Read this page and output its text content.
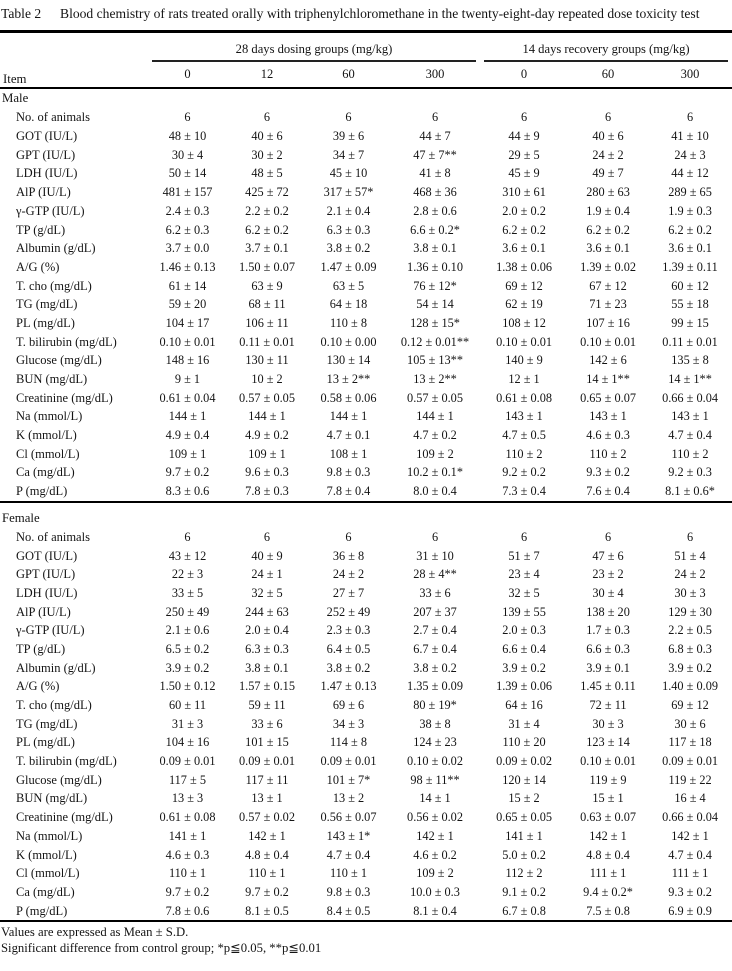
Table 2	Blood chemistry of rats treated orally with triphenylchloromethane in the twenty-eight-day repeated dose toxicity test
Item	28 days dosing groups (mg/kg)				14 days recovery groups (mg/kg)		

	0	12	60	300	0	60	300
Male							
No. of animals	6	6	6	6	6	6	6
GOT (IU/L)	48 ± 10	40 ± 6	39 ± 6	44 ± 7	44 ± 9	40 ± 6	41 ± 10
GPT (IU/L)	30 ± 4	30 ± 2	34 ± 7	47 ± 7**	29 ± 5	24 ± 2	24 ± 3
LDH (IU/L)	50 ± 14	48 ± 5	45 ± 10	41 ± 8	45 ± 9	49 ± 7	44 ± 12
AlP (IU/L)	481 ± 157	425 ± 72	317 ± 57*	468 ± 36	310 ± 61	280 ± 63	289 ± 65
γ-GTP (IU/L)	2.4 ± 0.3	2.2 ± 0.2	2.1 ± 0.4	2.8 ± 0.6	2.0 ± 0.2	1.9 ± 0.4	1.9 ± 0.3
TP (g/dL)	6.2 ± 0.3	6.2 ± 0.2	6.3 ± 0.3	6.6 ± 0.2*	6.2 ± 0.2	6.2 ± 0.2	6.2 ± 0.2
Albumin (g/dL)	3.7 ± 0.0	3.7 ± 0.1	3.8 ± 0.2	3.8 ± 0.1	3.6 ± 0.1	3.6 ± 0.1	3.6 ± 0.1
A/G (%)	1.46 ± 0.13	1.50 ± 0.07	1.47 ± 0.09	1.36 ± 0.10	1.38 ± 0.06	1.39 ± 0.02	1.39 ± 0.11
T. cho (mg/dL)	61 ± 14	63 ± 9	63 ± 5	76 ± 12*	69 ± 12	67 ± 12	60 ± 12
TG (mg/dL)	59 ± 20	68 ± 11	64 ± 18	54 ± 14	62 ± 19	71 ± 23	55 ± 18
PL (mg/dL)	104 ± 17	106 ± 11	110 ± 8	128 ± 15*	108 ± 12	107 ± 16	99 ± 15
T. bilirubin (mg/dL)	0.10 ± 0.01	0.11 ± 0.01	0.10 ± 0.00	0.12 ± 0.01**	0.10 ± 0.01	0.10 ± 0.01	0.11 ± 0.01
Glucose (mg/dL)	148 ± 16	130 ± 11	130 ± 14	105 ± 13**	140 ± 9	142 ± 6	135 ± 8
BUN (mg/dL)	9 ± 1	10 ± 2	13 ± 2**	13 ± 2**	12 ± 1	14 ± 1**	14 ± 1**
Creatinine (mg/dL)	0.61 ± 0.04	0.57 ± 0.05	0.58 ± 0.06	0.57 ± 0.05	0.61 ± 0.08	0.65 ± 0.07	0.66 ± 0.04
Na (mmol/L)	144 ± 1	144 ± 1	144 ± 1	144 ± 1	143 ± 1	143 ± 1	143 ± 1
K (mmol/L)	4.9 ± 0.4	4.9 ± 0.2	4.7 ± 0.1	4.7 ± 0.2	4.7 ± 0.5	4.6 ± 0.3	4.7 ± 0.4
Cl (mmol/L)	109 ± 1	109 ± 1	108 ± 1	109 ± 2	110 ± 2	110 ± 2	110 ± 2
Ca (mg/dL)	9.7 ± 0.2	9.6 ± 0.3	9.8 ± 0.3	10.2 ± 0.1*	9.2 ± 0.2	9.3 ± 0.2	9.2 ± 0.3
P (mg/dL)	8.3 ± 0.6	7.8 ± 0.3	7.8 ± 0.4	8.0 ± 0.4	7.3 ± 0.4	7.6 ± 0.4	8.1 ± 0.6*
Female							
No. of animals	6	6	6	6	6	6	6
GOT (IU/L)	43 ± 12	40 ± 9	36 ± 8	31 ± 10	51 ± 7	47 ± 6	51 ± 4
GPT (IU/L)	22 ± 3	24 ± 1	24 ± 2	28 ± 4**	23 ± 4	23 ± 2	24 ± 2
LDH (IU/L)	33 ± 5	32 ± 5	27 ± 7	33 ± 6	32 ± 5	30 ± 4	30 ± 3
AlP (IU/L)	250 ± 49	244 ± 63	252 ± 49	207 ± 37	139 ± 55	138 ± 20	129 ± 30
γ-GTP (IU/L)	2.1 ± 0.6	2.0 ± 0.4	2.3 ± 0.3	2.7 ± 0.4	2.0 ± 0.3	1.7 ± 0.3	2.2 ± 0.5
TP (g/dL)	6.5 ± 0.2	6.3 ± 0.3	6.4 ± 0.5	6.7 ± 0.4	6.6 ± 0.4	6.6 ± 0.3	6.8 ± 0.3
Albumin (g/dL)	3.9 ± 0.2	3.8 ± 0.1	3.8 ± 0.2	3.8 ± 0.2	3.9 ± 0.2	3.9 ± 0.1	3.9 ± 0.2
A/G (%)	1.50 ± 0.12	1.57 ± 0.15	1.47 ± 0.13	1.35 ± 0.09	1.39 ± 0.06	1.45 ± 0.11	1.40 ± 0.09
T. cho (mg/dL)	60 ± 11	59 ± 11	69 ± 6	80 ± 19*	64 ± 16	72 ± 11	69 ± 12
TG (mg/dL)	31 ± 3	33 ± 6	34 ± 3	38 ± 8	31 ± 4	30 ± 3	30 ± 6
PL (mg/dL)	104 ± 16	101 ± 15	114 ± 8	124 ± 23	110 ± 20	123 ± 14	117 ± 18
T. bilirubin (mg/dL)	0.09 ± 0.01	0.09 ± 0.01	0.09 ± 0.01	0.10 ± 0.02	0.09 ± 0.02	0.10 ± 0.01	0.09 ± 0.01
Glucose (mg/dL)	117 ± 5	117 ± 11	101 ± 7*	98 ± 11**	120 ± 14	119 ± 9	119 ± 22
BUN (mg/dL)	13 ± 3	13 ± 1	13 ± 2	14 ± 1	15 ± 2	15 ± 1	16 ± 4
Creatinine (mg/dL)	0.61 ± 0.08	0.57 ± 0.02	0.56 ± 0.07	0.56 ± 0.02	0.65 ± 0.05	0.63 ± 0.07	0.66 ± 0.04
Na (mmol/L)	141 ± 1	142 ± 1	143 ± 1*	142 ± 1	141 ± 1	142 ± 1	142 ± 1
K (mmol/L)	4.6 ± 0.3	4.8 ± 0.4	4.7 ± 0.4	4.6 ± 0.2	5.0 ± 0.2	4.8 ± 0.4	4.7 ± 0.4
Cl (mmol/L)	110 ± 1	110 ± 1	110 ± 1	109 ± 2	112 ± 2	111 ± 1	111 ± 1
Ca (mg/dL)	9.7 ± 0.2	9.7 ± 0.2	9.8 ± 0.3	10.0 ± 0.3	9.1 ± 0.2	9.4 ± 0.2*	9.3 ± 0.2
P (mg/dL)	7.8 ± 0.6	8.1 ± 0.5	8.4 ± 0.5	8.1 ± 0.4	6.7 ± 0.8	7.5 ± 0.8	6.9 ± 0.9
Values are expressed as Mean ± S.D.
Significant difference from control group; *p≦0.05, **p≦0.01
